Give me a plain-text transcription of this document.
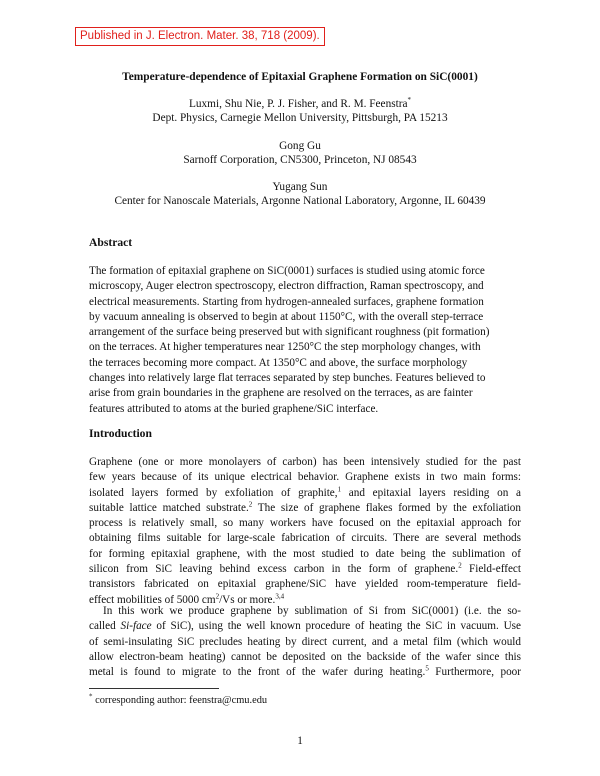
Published in J. Electron. Mater. 38, 718 (2009).
Temperature-dependence of Epitaxial Graphene Formation on SiC(0001)
Luxmi, Shu Nie, P. J. Fisher, and R. M. Feenstra*
Dept. Physics, Carnegie Mellon University, Pittsburgh, PA 15213
Gong Gu
Sarnoff Corporation, CN5300, Princeton, NJ 08543
Yugang Sun
Center for Nanoscale Materials, Argonne National Laboratory, Argonne, IL 60439
Abstract
The formation of epitaxial graphene on SiC(0001) surfaces is studied using atomic force
microscopy, Auger electron spectroscopy, electron diffraction, Raman spectroscopy, and
electrical measurements. Starting from hydrogen-annealed surfaces, graphene formation
by vacuum annealing is observed to begin at about 1150°C, with the overall step-terrace
arrangement of the surface being preserved but with significant roughness (pit formation)
on the terraces. At higher temperatures near 1250°C the step morphology changes, with
the terraces becoming more compact. At 1350°C and above, the surface morphology
changes into relatively large flat terraces separated by step bunches. Features believed to
arise from grain boundaries in the graphene are resolved on the terraces, as are fainter
features attributed to atoms at the buried graphene/SiC interface.
Introduction
Graphene (one or more monolayers of carbon) has been intensively studied for the past
few years because of its unique electrical behavior. Graphene exists in two main forms:
isolated layers formed by exfoliation of graphite,$^1$ and epitaxial layers residing on a
suitable lattice matched substrate.$^2$ The size of graphene flakes formed by the exfoliation
process is relatively small, so many workers have focused on the epitaxial approach for
obtaining films suitable for large-scale fabrication of circuits. There are several methods
for forming epitaxial graphene, with the most studied to date being the sublimation of
silicon from SiC leaving behind excess carbon in the form of graphene.$^2$ Field-effect
transistors fabricated on epitaxial graphene/SiC have yielded room-temperature field-
effect mobilities of 5000 $cm^2/Vs$ or more.$^{3,4}$
In this work we produce graphene by sublimation of Si from SiC(0001) (i.e. the so-
called Si-face of SiC), using the well known procedure of heating the SiC in vacuum. Use
of semi-insulating SiC precludes heating by direct current, and a metal film (which would
allow electron-beam heating) cannot be deposited on the backside of the wafer since this
metal is found to migrate to the front of the wafer during heating.$^5$ Furthermore, poor
* corresponding author: feenstra@cmu.edu
1
